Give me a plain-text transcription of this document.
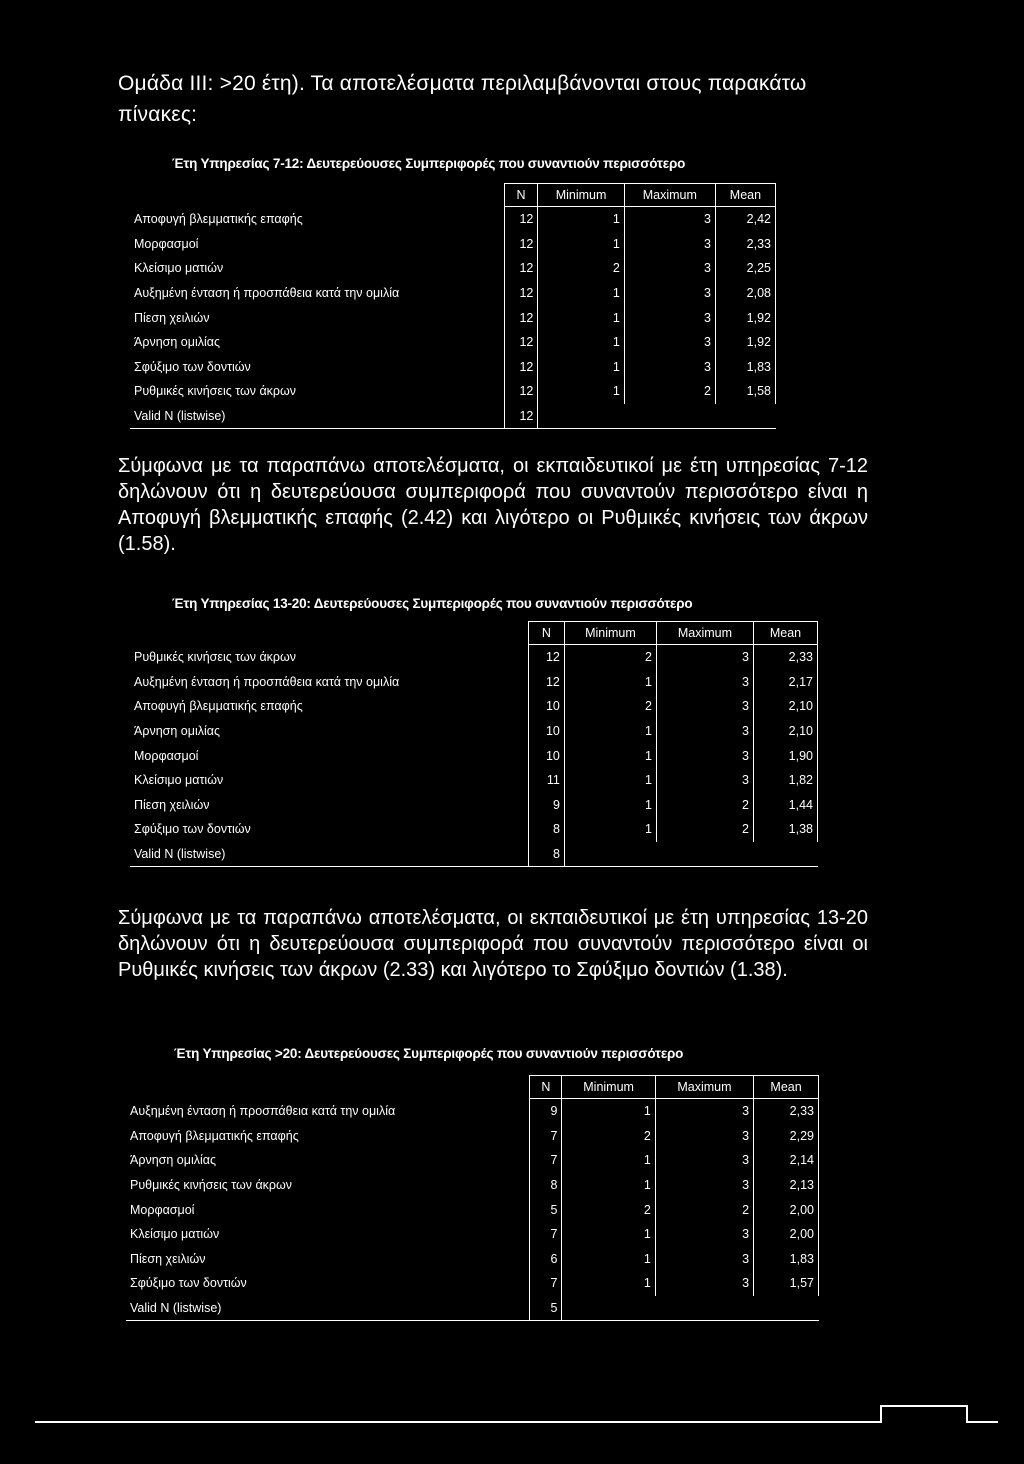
Ομάδα ΙΙΙ: >20 έτη). Τα αποτελέσματα περιλαμβάνονται στους παρακάτω πίνακες:
Έτη Υπηρεσίας 7-12: Δευτερεύουσες Συμπεριφορές που συναντιούν περισσότερο
	N	Minimum	Maximum	Mean
Αποφυγή βλεμματικής επαφής	12	1	3	2,42
Μορφασμοί	12	1	3	2,33
Κλείσιμο ματιών	12	2	3	2,25
Αυξημένη ένταση ή προσπάθεια κατά την ομιλία	12	1	3	2,08
Πίεση χειλιών	12	1	3	1,92
Άρνηση ομιλίας	12	1	3	1,92
Σφύξιμο των δοντιών	12	1	3	1,83
Ρυθμικές κινήσεις των άκρων	12	1	2	1,58
Valid N (listwise)	12			
Σύμφωνα με τα παραπάνω αποτελέσματα, οι εκπαιδευτικοί με έτη υπηρεσίας 7-12 δηλώνουν ότι η δευτερεύουσα συμπεριφορά που συναντούν περισσότερο είναι η Αποφυγή βλεμματικής επαφής (2.42) και λιγότερο οι Ρυθμικές κινήσεις των άκρων (1.58).
Έτη Υπηρεσίας 13-20: Δευτερεύουσες Συμπεριφορές που συναντιούν περισσότερο
	N	Minimum	Maximum	Mean
Ρυθμικές κινήσεις των άκρων	12	2	3	2,33
Αυξημένη ένταση ή προσπάθεια κατά την ομιλία	12	1	3	2,17
Αποφυγή βλεμματικής επαφής	10	2	3	2,10
Άρνηση ομιλίας	10	1	3	2,10
Μορφασμοί	10	1	3	1,90
Κλείσιμο ματιών	11	1	3	1,82
Πίεση χειλιών	9	1	2	1,44
Σφύξιμο των δοντιών	8	1	2	1,38
Valid N (listwise)	8			
Σύμφωνα με τα παραπάνω αποτελέσματα, οι εκπαιδευτικοί με έτη υπηρεσίας 13-20 δηλώνουν ότι η δευτερεύουσα συμπεριφορά που συναντούν περισσότερο είναι οι Ρυθμικές κινήσεις των άκρων (2.33) και λιγότερο το Σφύξιμο δοντιών (1.38).
Έτη Υπηρεσίας >20: Δευτερεύουσες Συμπεριφορές που συναντιούν περισσότερο
	N	Minimum	Maximum	Mean
Αυξημένη ένταση ή προσπάθεια κατά την ομιλία	9	1	3	2,33
Αποφυγή βλεμματικής επαφής	7	2	3	2,29
Άρνηση ομιλίας	7	1	3	2,14
Ρυθμικές κινήσεις των άκρων	8	1	3	2,13
Μορφασμοί	5	2	2	2,00
Κλείσιμο ματιών	7	1	3	2,00
Πίεση χειλιών	6	1	3	1,83
Σφύξιμο των δοντιών	7	1	3	1,57
Valid N (listwise)	5			
